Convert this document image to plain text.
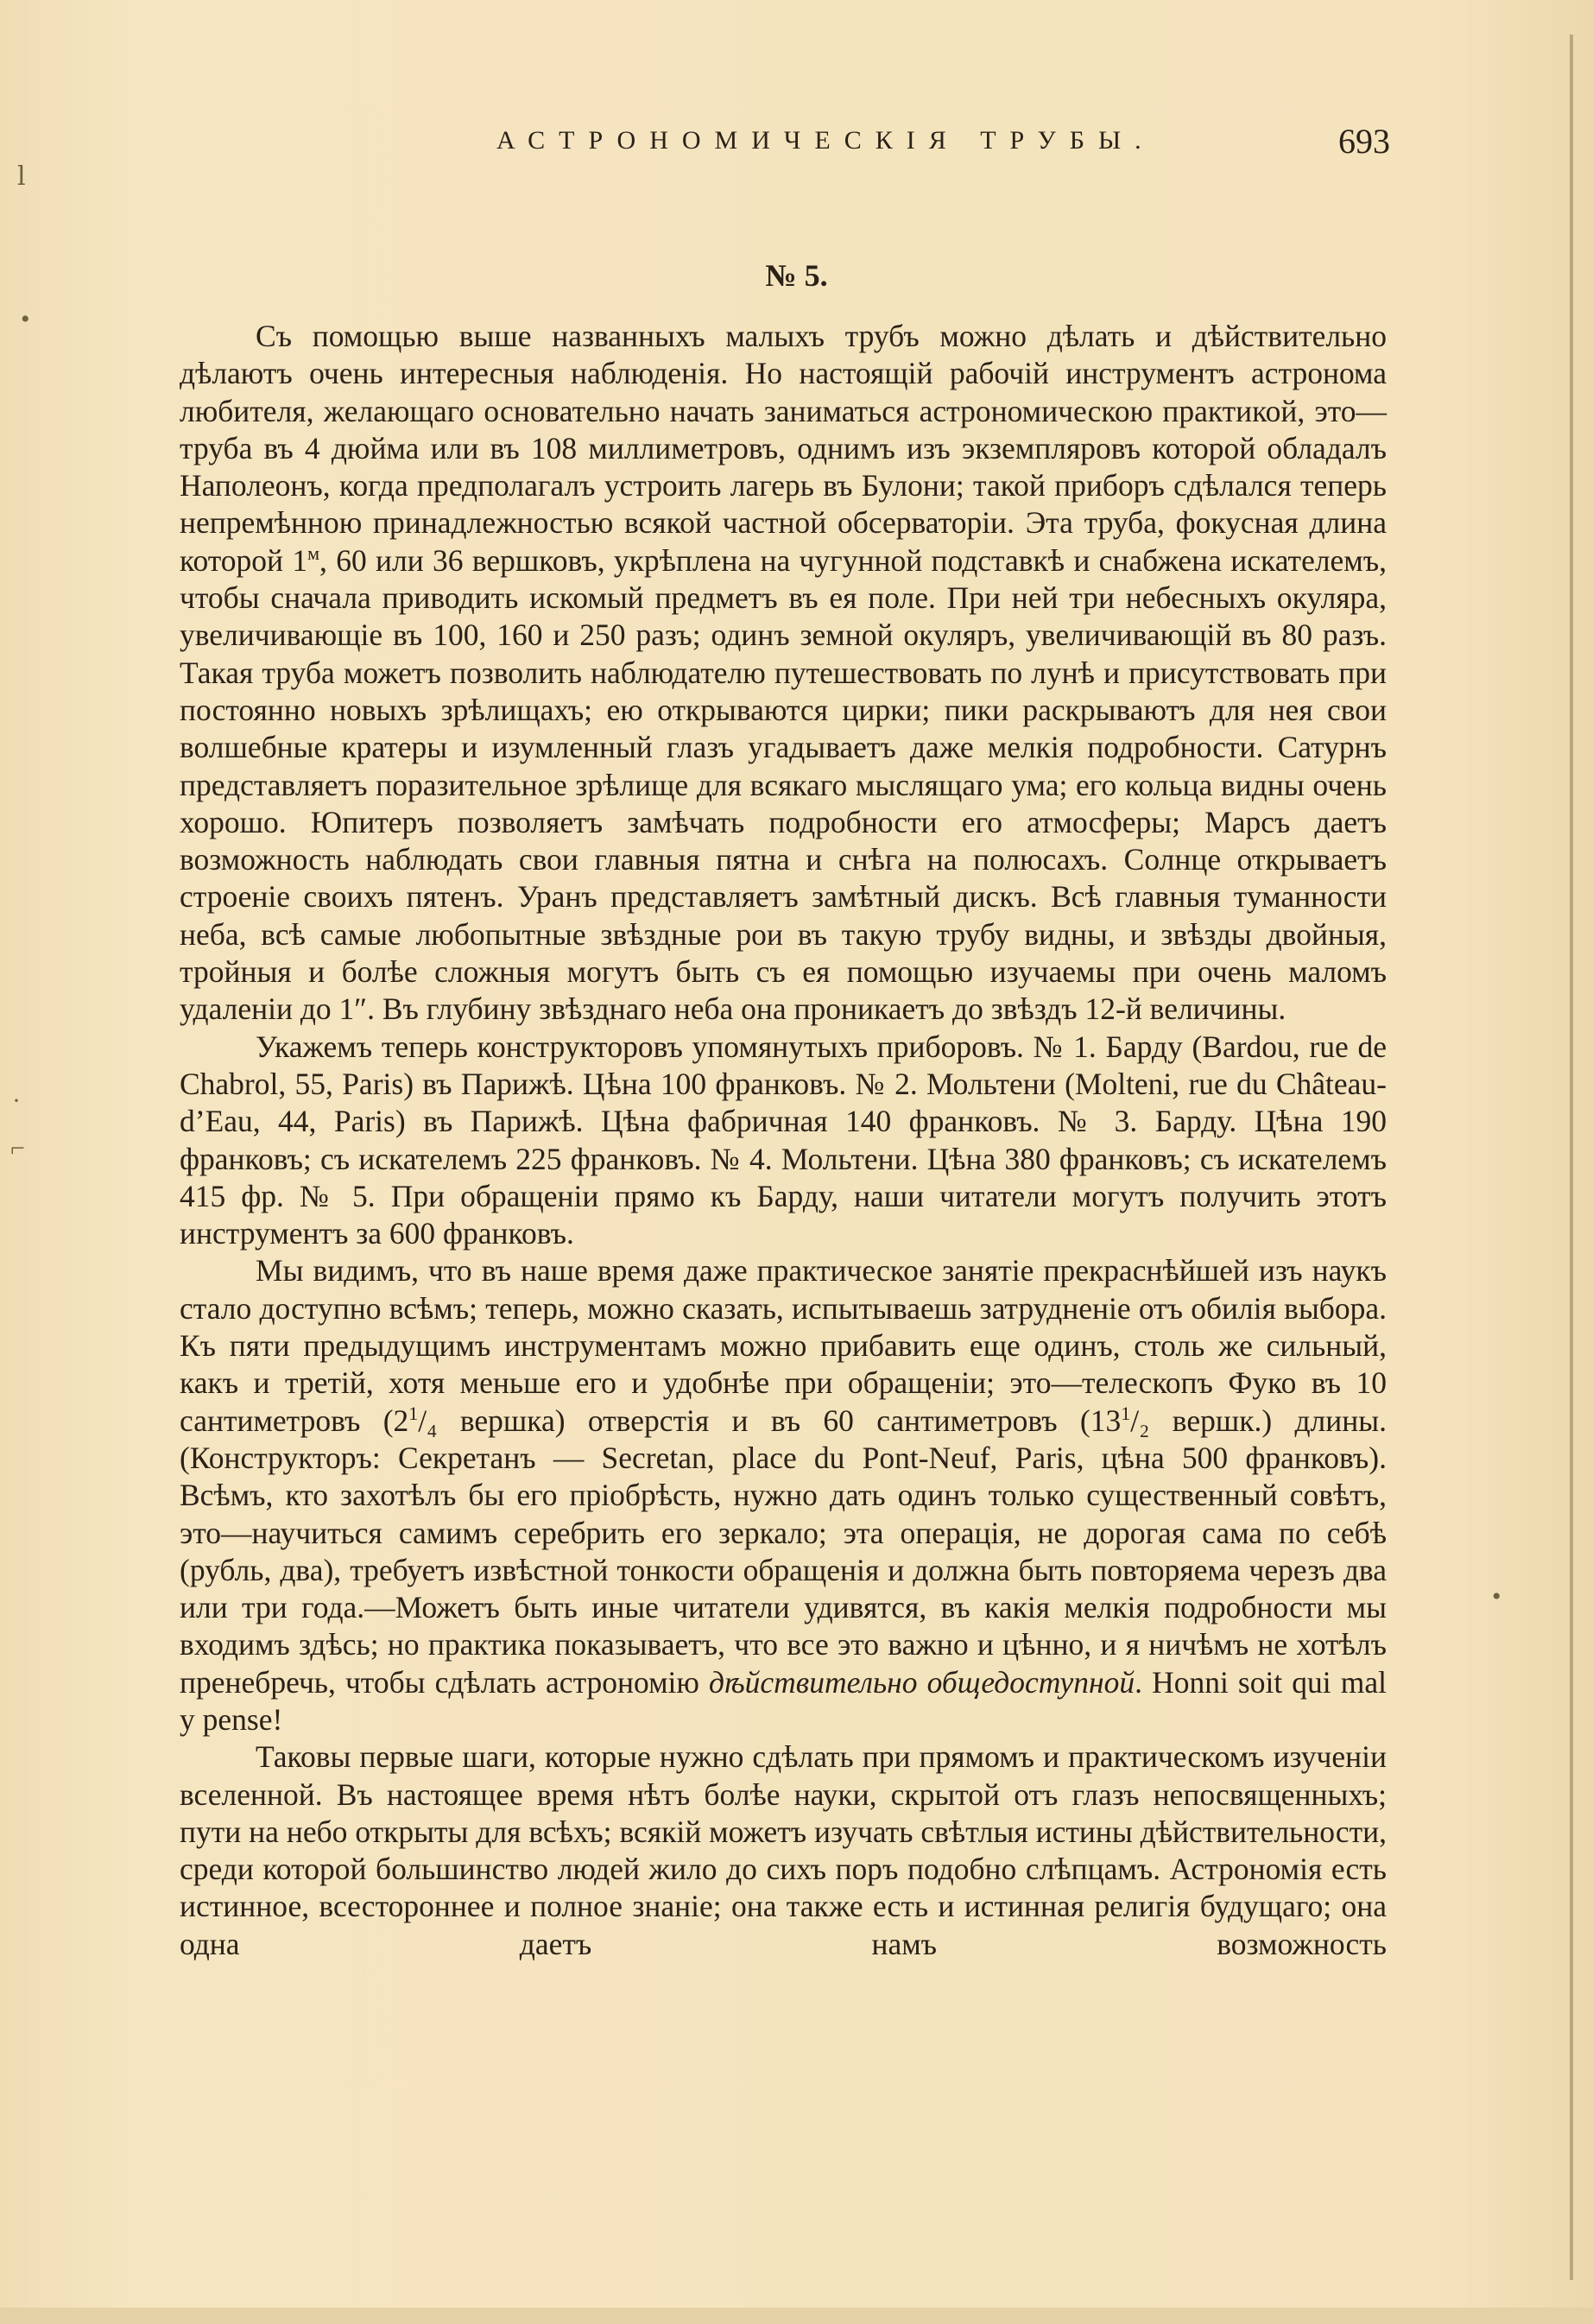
ⅼ
•
·
⌐
•
АСТРОНОМИЧЕСКІЯ ТРУБЫ.	693
№ 5.

Съ помощью выше названныхъ малыхъ трубъ можно дѣлать и дѣйствительно дѣлаютъ очень интересныя наблюденія. Но настоящій рабочій инструментъ астронома любителя, желающаго основательно начать заниматься астрономическою практикой, это—труба въ 4 дюйма или въ 108 миллиметровъ, однимъ изъ экземпляровъ которой обладалъ Наполеонъ, когда предполагалъ устроить лагерь въ Булони; такой приборъ сдѣлался теперь непремѣнною принадлежностью всякой частной обсерваторіи. Эта труба, фокусная длина которой $1^м$, 60 или 36 вершковъ, укрѣплена на чугунной подставкѣ и снабжена искателемъ, чтобы сначала приводить искомый предметъ въ ея поле. При ней три небесныхъ окуляра, увеличивающіе въ 100, 160 и 250 разъ; одинъ земной окуляръ, увеличивающій въ 80 разъ. Такая труба можетъ позволить наблюдателю путешествовать по лунѣ и присутствовать при постоянно новыхъ зрѣлищахъ; ею открываются цирки; пики раскрываютъ для нея свои волшебные кратеры и изумленный глазъ угадываетъ даже мелкія подробности. Сатурнъ представляетъ поразительное зрѣлище для всякаго мыслящаго ума; его кольца видны очень хорошо. Юпитеръ позволяетъ замѣчать подробности его атмосферы; Марсъ даетъ возможность наблюдать свои главныя пятна и снѣга на полюсахъ. Солнце открываетъ строеніе своихъ пятенъ. Уранъ представляетъ замѣтный дискъ. Всѣ главныя туманности неба, всѣ самые любопытные звѣздные рои въ такую трубу видны, и звѣзды двойныя, тройныя и болѣе сложныя могутъ быть съ ея помощью изучаемы при очень маломъ удаленіи до 1″. Въ глубину звѣзднаго неба она проникаетъ до звѣздъ 12-й величины.

Укажемъ теперь конструкторовъ упомянутыхъ приборовъ. № 1. Барду (Bardou, rue de Chabrol, 55, Paris) въ Парижѣ. Цѣна 100 франковъ. № 2. Мольтени (Molteni, rue du Château-d’Eau, 44, Paris) въ Парижѣ. Цѣна фабричная 140 франковъ. № 3. Барду. Цѣна 190 франковъ; съ искателемъ 225 франковъ. № 4. Мольтени. Цѣна 380 франковъ; съ искателемъ 415 фр. № 5. При обращеніи прямо къ Барду, наши читатели могутъ получить этотъ инструментъ за 600 франковъ.

Мы видимъ, что въ наше время даже практическое занятіе прекраснѣйшей изъ наукъ стало доступно всѣмъ; теперь, можно сказать, испытываешь затрудненіе отъ обилія выбора. Къ пяти предыдущимъ инструментамъ можно прибавить еще одинъ, столь же сильный, какъ и третій, хотя меньше его и удобнѣе при обращеніи; это—телескопъ Фуко въ 10 сантиметровъ ($2^1/_4$ вершка) отверстія и въ 60 сантиметровъ ($13^1/_2$ вершк.) длины. (Конструкторъ: Секретанъ — Secretan, place du Pont-Neuf, Paris, цѣна 500 франковъ). Всѣмъ, кто захотѣлъ бы его пріобрѣсть, нужно дать одинъ только существенный совѣтъ, это—научиться самимъ серебрить его зеркало; эта операція, не дорогая сама по себѣ (рубль, два), требуетъ извѣстной тонкости обращенія и должна быть повторяема черезъ два или три года.—Можетъ быть иные читатели удивятся, въ какія мелкія подробности мы входимъ здѣсь; но практика показываетъ, что все это важно и цѣнно, и я ничѣмъ не хотѣлъ пренебречь, чтобы сдѣлать астрономію дѣйствительно общедоступной. Honni soit qui mal y pense!

Таковы первые шаги, которые нужно сдѣлать при прямомъ и практическомъ изученіи вселенной. Въ настоящее время нѣтъ болѣе науки, скрытой отъ глазъ непосвященныхъ; пути на небо открыты для всѣхъ; всякій можетъ изучать свѣтлыя истины дѣйствительности, среди которой большинство людей жило до сихъ поръ подобно слѣпцамъ. Астрономія есть истинное, всестороннее и полное знаніе; она также есть и истинная религія будущаго; она одна даетъ намъ возможность
